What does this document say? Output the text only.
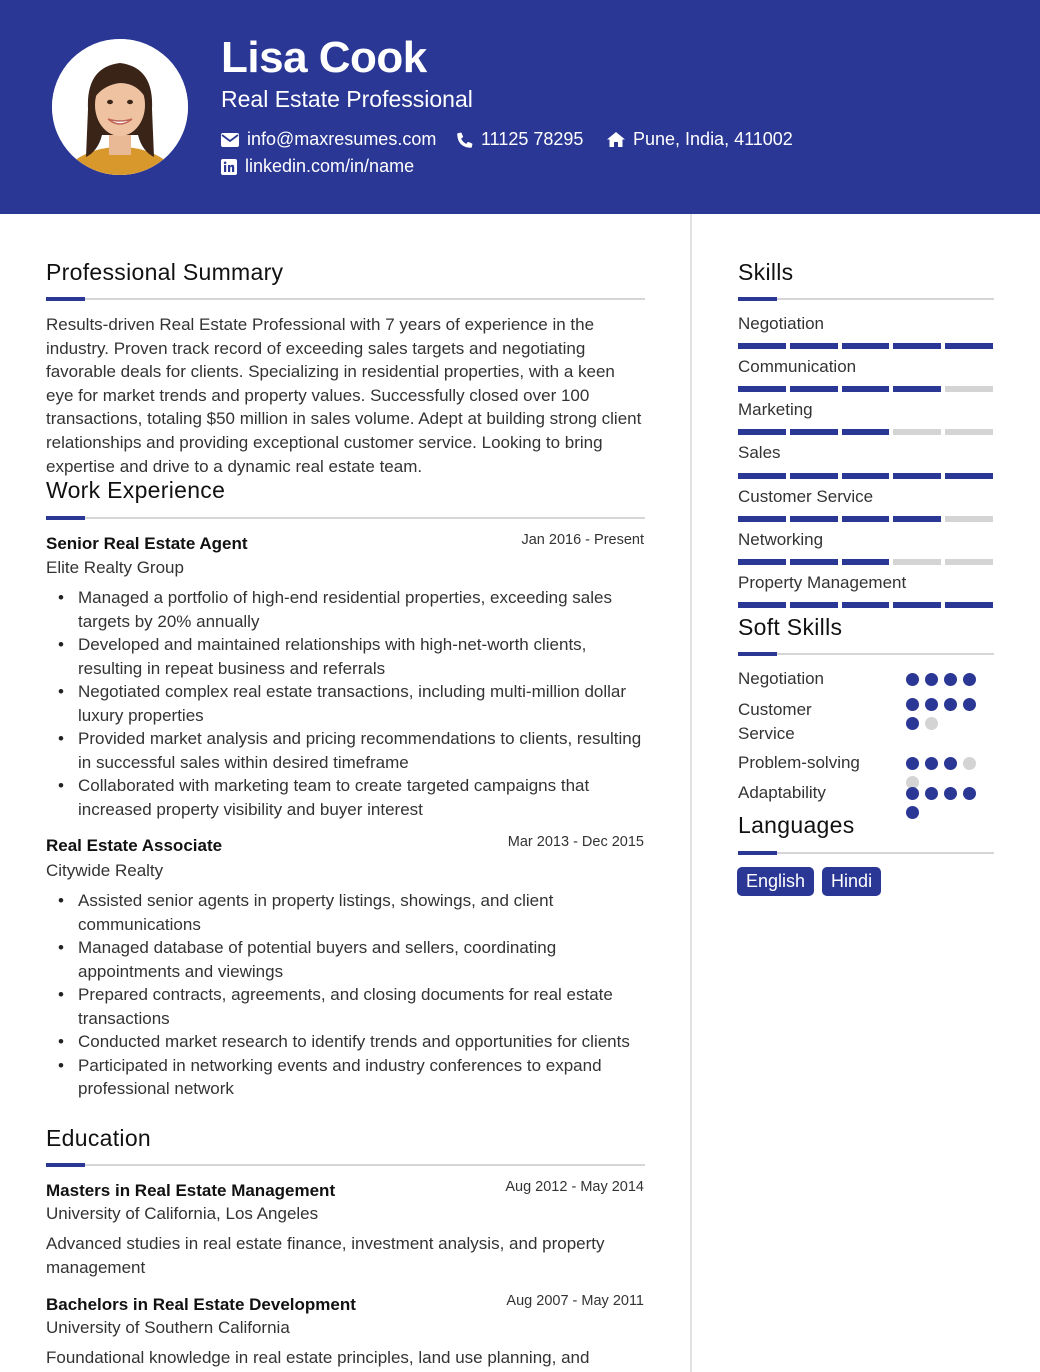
Lisa Cook
Real Estate Professional
info@maxresumes.com 11125 78295	Pune, India, 411002
linkedin.com/in/name
Professional Summary
Results-driven Real Estate Professional with 7 years of experience in the industry. Proven track record of exceeding sales targets and negotiating favorable deals for clients. Specializing in residential properties, with a keen eye for market trends and property values. Successfully closed over 100 transactions, totaling $50 million in sales volume. Adept at building strong client relationships and providing exceptional customer service. Looking to bring expertise and drive to a dynamic real estate team.
Work Experience
Senior Real Estate Agent	Jan 2016 - Present
Elite Realty Group
• Managed a portfolio of high-end residential properties, exceeding sales targets by 20% annually
• Developed and maintained relationships with high-net-worth clients, resulting in repeat business and referrals
• Negotiated complex real estate transactions, including multi-million dollar luxury properties
• Provided market analysis and pricing recommendations to clients, resulting in successful sales within desired timeframe
• Collaborated with marketing team to create targeted campaigns that increased property visibility and buyer interest
Real Estate Associate	Mar 2013 - Dec 2015
Citywide Realty
• Assisted senior agents in property listings, showings, and client communications
• Managed database of potential buyers and sellers, coordinating appointments and viewings
• Prepared contracts, agreements, and closing documents for real estate transactions
• Conducted market research to identify trends and opportunities for clients
• Participated in networking events and industry conferences to expand professional network
Education
Masters in Real Estate Management	Aug 2012 - May 2014
University of California, Los Angeles
Advanced studies in real estate finance, investment analysis, and property management
Bachelors in Real Estate Development	Aug 2007 - May 2011
University of Southern California
Foundational knowledge in real estate principles, land use planning, and
Skills
Negotiation
Communication
Marketing
Sales
Customer Service
Networking
Property Management
Soft Skills
Negotiation
Customer Service
Problem-solving
Adaptability
Languages
English	Hindi
